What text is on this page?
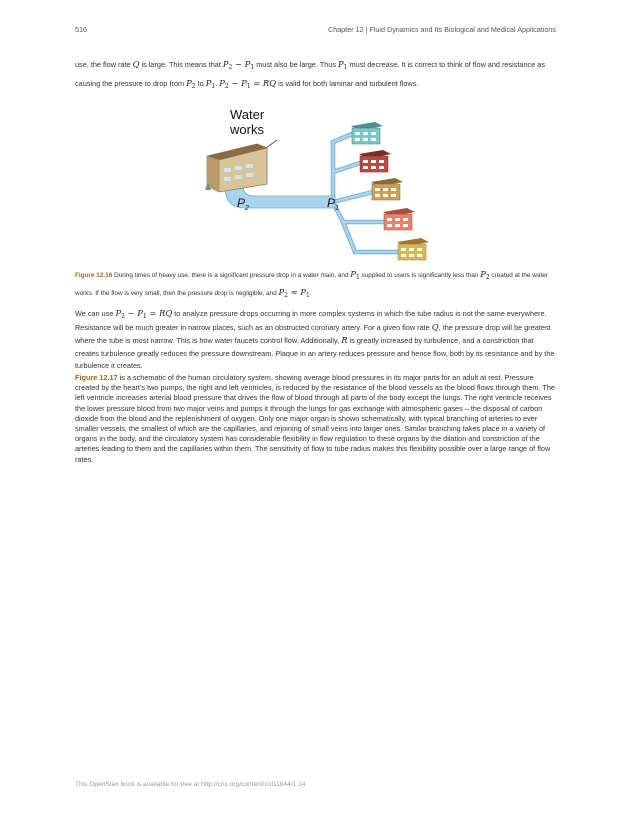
516	Chapter 12 | Fluid Dynamics and Its Biological and Medical Applications

use, the flow rate Q is large. This means that $P_2 - P_1$ must also be large. Thus $P_1$ must decrease. It is correct to think of flow and resistance as causing the pressure to drop from $P_2$ to $P_1$. $P_2 - P_1$ = RQ is valid for both laminar and turbulent flows.

Water
works
$P_2$	$P_1$

Figure 12.16 During times of heavy use, there is a significant pressure drop in a water main, and $P_1$ supplied to users is significantly less than $P_2$ created at the water works. If the flow is very small, then the pressure drop is negligible, and $P_2 \approx P_1$.

We can use $P_2 - P_1$ = RQ to analyze pressure drops occurring in more complex systems in which the tube radius is not the same everywhere. Resistance will be much greater in narrow places, such as an obstructed coronary artery. For a given flow rate Q, the pressure drop will be greatest where the tube is most narrow. This is how water faucets control flow. Additionally, R is greatly increased by turbulence, and a constriction that creates turbulence greatly reduces the pressure downstream. Plaque in an artery reduces pressure and hence flow, both by its resistance and by the turbulence it creates.

Figure 12.17 is a schematic of the human circulatory system, showing average blood pressures in its major parts for an adult at rest. Pressure created by the heart’s two pumps, the right and left ventricles, is reduced by the resistance of the blood vessels as the blood flows through them. The left ventricle increases arterial blood pressure that drives the flow of blood through all parts of the body except the lungs. The right ventricle receives the lower pressure blood from two major veins and pumps it through the lungs for gas exchange with atmospheric gases – the disposal of carbon dioxide from the blood and the replenishment of oxygen. Only one major organ is shown schematically, with typical branching of arteries to ever smaller vessels, the smallest of which are the capillaries, and rejoining of small veins into larger ones. Similar branching takes place in a variety of organs in the body, and the circulatory system has considerable flexibility in flow regulation to these organs by the dilation and constriction of the arteries leading to them and the capillaries within them. The sensitivity of flow to tube radius makes this flexibility possible over a large range of flow rates.

This OpenStax book is available for free at http://cnx.org/content/col11844/1.14
